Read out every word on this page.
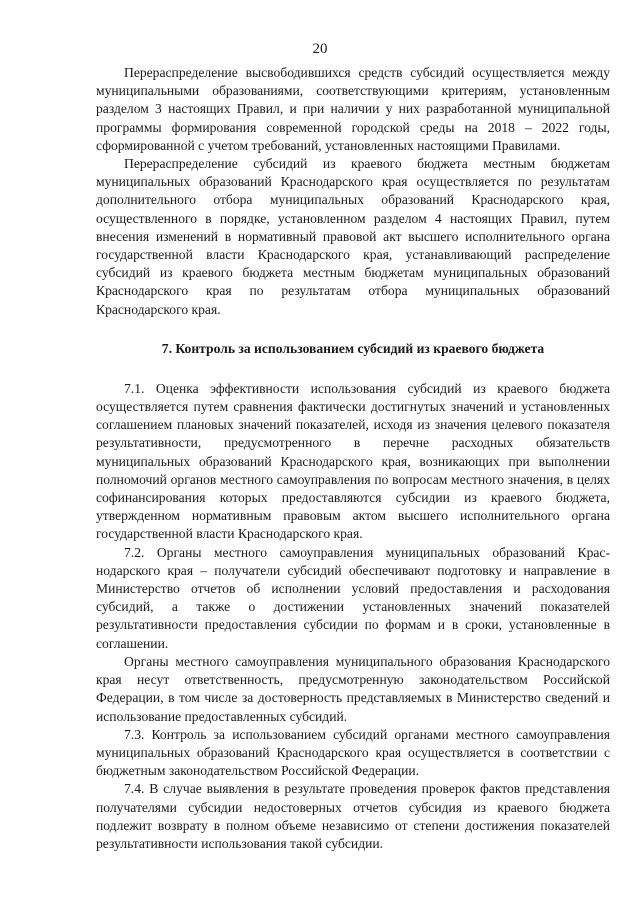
20

Перераспределение высвободившихся средств субсидий осуществляется между муниципальными образованиями, соответствующими критериям, установленным разделом 3 настоящих Правил, и при наличии у них разработанной муниципальной программы формирования современной городской среды на 2018 – 2022 годы, сформированной с учетом требований, установленных настоящими Правилами.

Перераспределение субсидий из краевого бюджета местным бюджетам муниципальных образований Краснодарского края осуществляется по результатам дополнительного отбора муниципальных образований Краснодарского края, осуществленного в порядке, установленном разделом 4 настоящих Правил, путем внесения изменений в нормативный правовой акт высшего исполнительного органа государственной власти Краснодарского края, устанавливающий распределение субсидий из краевого бюджета местным бюджетам муниципальных образований Краснодарского края по результатам отбора муниципальных образований Краснодарского края.

7. Контроль за использованием субсидий из краевого бюджета

7.1. Оценка эффективности использования субсидий из краевого бюджета осуществляется путем сравнения фактически достигнутых значений и установленных соглашением плановых значений показателей, исходя из значения целевого показателя результативности, предусмотренного в перечне расходных обязательств муниципальных образований Краснодарского края, возникающих при выполнении полномочий органов местного самоуправления по вопросам местного значения, в целях софинансирования которых предоставляются субсидии из краевого бюджета, утвержденном нормативным правовым актом высшего исполнительного органа государственной власти Краснодарского края.

7.2. Органы местного самоуправления муниципальных образований Краснодарского края – получатели субсидий обеспечивают подготовку и направление в Министерство отчетов об исполнении условий предоставления и расходования субсидий, а также о достижении установленных значений показателей результативности предоставления субсидии по формам и в сроки, установленные в соглашении.

Органы местного самоуправления муниципального образования Краснодарского края несут ответственность, предусмотренную законодательством Российской Федерации, в том числе за достоверность представляемых в Министерство сведений и использование предоставленных субсидий.

7.3. Контроль за использованием субсидий органами местного самоуправления муниципальных образований Краснодарского края осуществляется в соответствии с бюджетным законодательством Российской Федерации.

7.4. В случае выявления в результате проведения проверок фактов представления получателями субсидии недостоверных отчетов субсидия из краевого бюджета подлежит возврату в полном объеме независимо от степени достижения показателей результативности использования такой субсидии.
